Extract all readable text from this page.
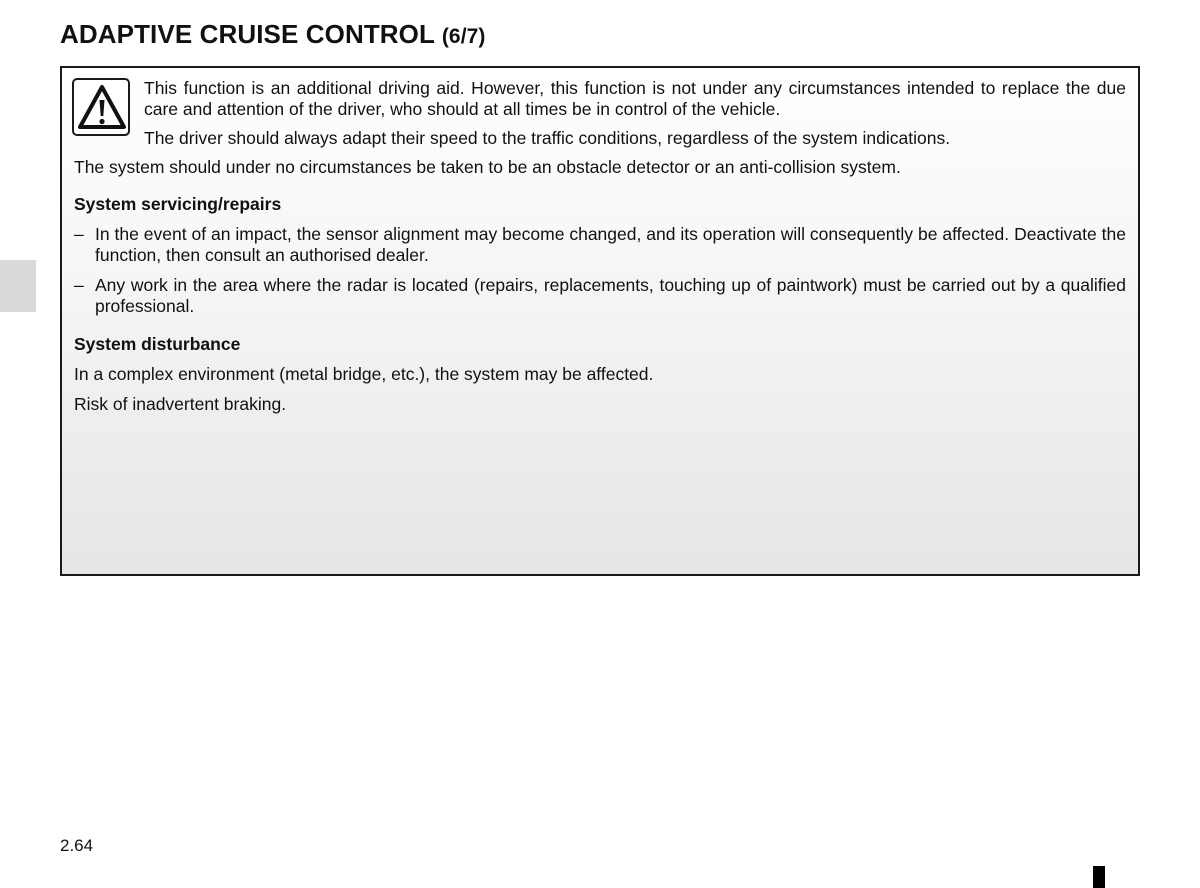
ADAPTIVE CRUISE CONTROL (6/7)

This function is an additional driving aid. However, this function is not under any circumstances intended to replace the due care and attention of the driver, who should at all times be in control of the vehicle.

The driver should always adapt their speed to the traffic conditions, regardless of the system indications.

The system should under no circumstances be taken to be an obstacle detector or an anti-collision system.

System servicing/repairs

– In the event of an impact, the sensor alignment may become changed, and its operation will consequently be affected. Deactivate the function, then consult an authorised dealer.
– Any work in the area where the radar is located (repairs, replacements, touching up of paintwork) must be carried out by a qualified professional.

System disturbance

In a complex environment (metal bridge, etc.), the system may be affected.

Risk of inadvertent braking.

2.64
